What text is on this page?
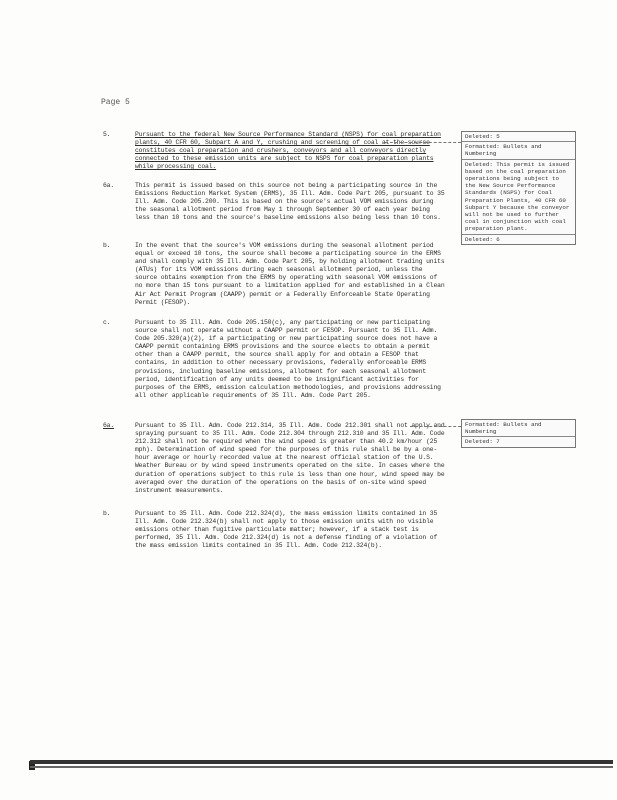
Page 5
5.	Pursuant to the federal New Source Performance Standard (NSPS) for coal preparation plants, 40 CFR 60, Subpart A and Y, crushing and screening of coal at the source constitutes coal preparation and crushers, conveyors and all conveyors directly connected to these emission units are subject to NSPS for coal preparation plants while processing coal.
6a.	This permit is issued based on this source not being a participating source in the Emissions Reduction Market System (ERMS), 35 Ill. Adm. Code Part 205, pursuant to 35 Ill. Adm. Code 205.200. This is based on the source's actual VOM emissions during the seasonal allotment period from May 1 through September 30 of each year being less than 10 tons and the source's baseline emissions also being less than 10 tons.
b.	In the event that the source's VOM emissions during the seasonal allotment period equal or exceed 10 tons, the source shall become a participating source in the ERMS and shall comply with 35 Ill. Adm. Code Part 205, by holding allotment trading units (ATUs) for its VOM emissions during each seasonal allotment period, unless the source obtains exemption from the ERMS by operating with seasonal VOM emissions of no more than 15 tons pursuant to a limitation applied for and established in a Clean Air Act Permit Program (CAAPP) permit or a Federally Enforceable State Operating Permit (FESOP).
c.	Pursuant to 35 Ill. Adm. Code 205.150(c), any participating or new participating source shall not operate without a CAAPP permit or FESOP. Pursuant to 35 Ill. Adm. Code 205.320(a)(2), if a participating or new participating source does not have a CAAPP permit containing ERMS provisions and the source elects to obtain a permit other than a CAAPP permit, the source shall apply for and obtain a FESOP that contains, in addition to other necessary provisions, federally enforceable ERMS provisions, including baseline emissions, allotment for each seasonal allotment period, identification of any units deemed to be insignificant activities for purposes of the ERMS, emission calculation methodologies, and provisions addressing all other applicable requirements of 35 Ill. Adm. Code Part 205.
6a.	Pursuant to 35 Ill. Adm. Code 212.314, 35 Ill. Adm. Code 212.301 shall not apply and spraying pursuant to 35 Ill. Adm. Code 212.304 through 212.310 and 35 Ill. Adm. Code 212.312 shall not be required when the wind speed is greater than 40.2 km/hour (25 mph). Determination of wind speed for the purposes of this rule shall be by a one-hour average or hourly recorded value at the nearest official station of the U.S. Weather Bureau or by wind speed instruments operated on the site. In cases where the duration of operations subject to this rule is less than one hour, wind speed may be averaged over the duration of the operations on the basis of on-site wind speed instrument measurements.
b.	Pursuant to 35 Ill. Adm. Code 212.324(d), the mass emission limits contained in 35 Ill. Adm. Code 212.324(b) shall not apply to those emission units with no visible emissions other than fugitive particulate matter; however, if a stack test is performed, 35 Ill. Adm. Code 212.324(d) is not a defense finding of a violation of the mass emission limits contained in 35 Ill. Adm. Code 212.324(b).
Deleted: 5
Formatted: Bullets and Numbering
Deleted: This permit is issued based on the coal preparation operations being subject to the New Source Performance Standards (NSPS) for Coal Preparation Plants, 40 CFR 60 Subpart Y because the conveyor will not be used to further coal in conjunction with coal preparation plant.
Deleted: 6
Formatted: Bullets and Numbering
Deleted: 7
